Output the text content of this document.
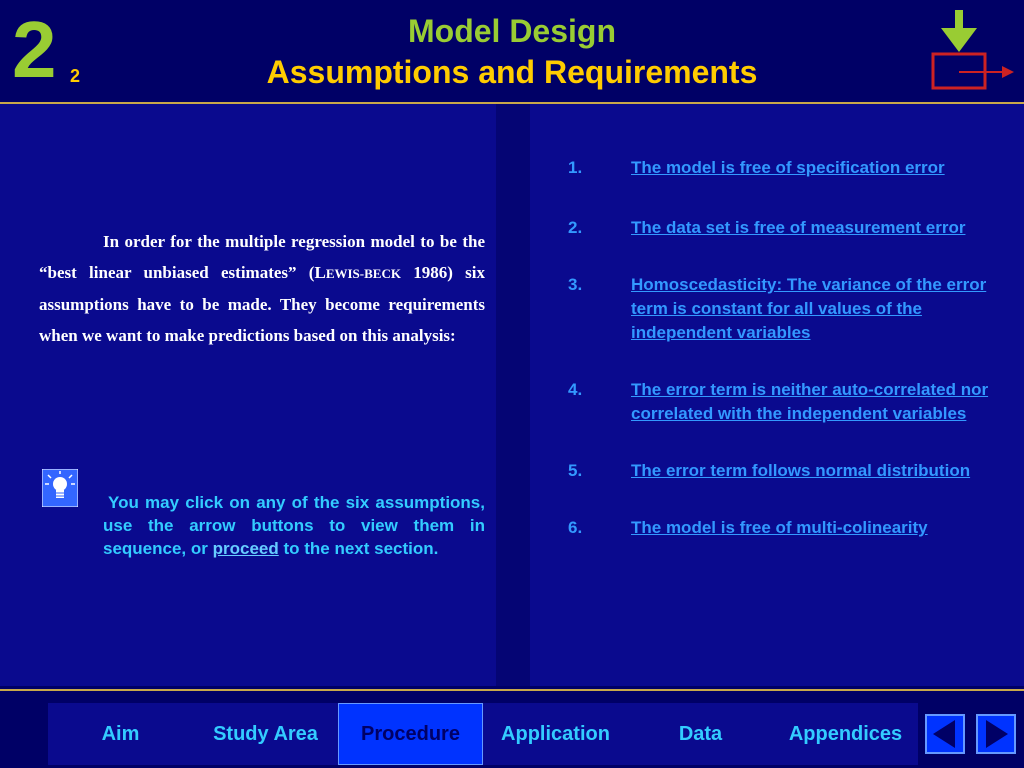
2 2
Model Design
Assumptions and Requirements
In order for the multiple regression model to be the “best linear unbiased estimates” (LEWIS-BECK 1986) six assumptions have to be made. They become requirements when we want to make predictions based on this analysis:
You may click on any of the six assumptions, use the arrow buttons to view them in sequence, or proceed to the next section.
1.	The model is free of specification error
2.	The data set is free of measurement error
3.	Homoscedasticity: The variance of the error term is constant for all values of the independent variables
4.	The error term is neither auto-correlated nor correlated with the independent variables
5.	The error term follows normal distribution
6.	The model is free of multi-colinearity
Aim	Study Area	Procedure	Application	Data	Appendices
